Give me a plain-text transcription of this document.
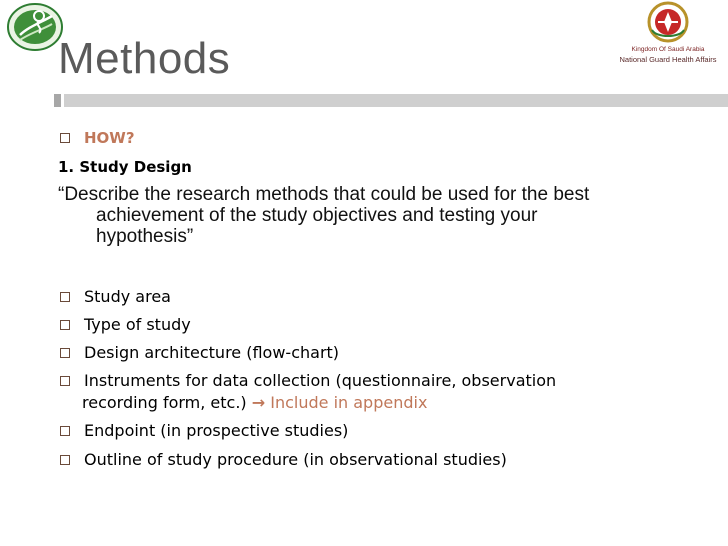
Kingdom Of Saudi Arabia
National Guard Health Affairs
Methods
HOW?
1. Study Design
“Describe the research methods that could be used for the best
achievement of the study objectives and testing your
hypothesis”
Study area
Type of study
Design architecture (flow-chart)
Instruments for data collection (questionnaire, observation
recording form, etc.) → Include in appendix
Endpoint (in prospective studies)
Outline of study procedure (in observational studies)
